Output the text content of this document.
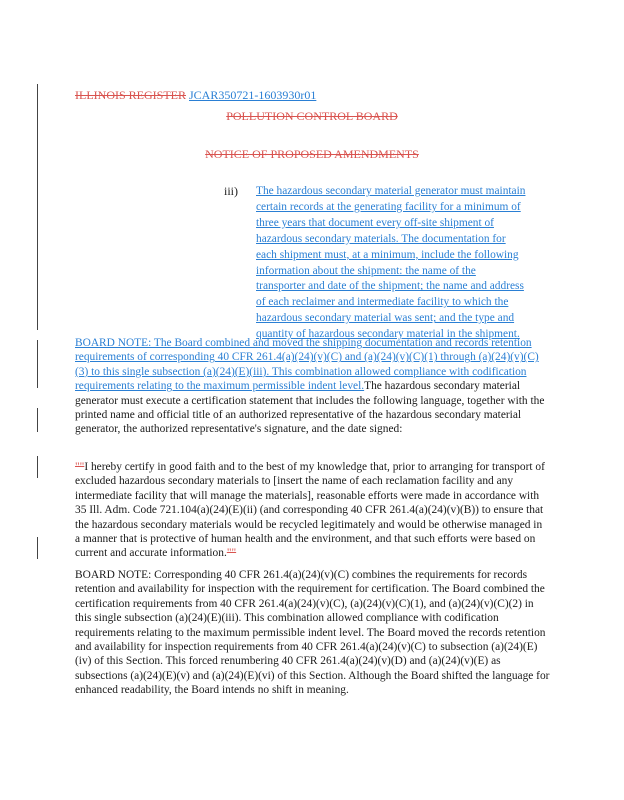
ILLINOIS REGISTER JCAR350721-1603930r01
POLLUTION CONTROL BOARD
NOTICE OF PROPOSED AMENDMENTS
iii) The hazardous secondary material generator must maintain
certain records at the generating facility for a minimum of
three years that document every off-site shipment of
hazardous secondary materials. The documentation for
each shipment must, at a minimum, include the following
information about the shipment: the name of the
transporter and date of the shipment; the name and address
of each reclaimer and intermediate facility to which the
hazardous secondary material was sent; and the type and
quantity of hazardous secondary material in the shipment.
BOARD NOTE: The Board combined and moved the shipping documentation and records retention requirements of corresponding 40 CFR 261.4(a)(24)(v)(C) and (a)(24)(v)(C)(1) through (a)(24)(v)(C)(3) to this single subsection (a)(24)(E)(iii). This combination allowed compliance with codification requirements relating to the maximum permissible indent level.The hazardous secondary material generator must execute a certification statement that includes the following language, together with the printed name and official title of an authorized representative of the hazardous secondary material generator, the authorized representative's signature, and the date signed:
""I hereby certify in good faith and to the best of my knowledge that, prior to arranging for transport of excluded hazardous secondary materials to [insert the name of each reclamation facility and any intermediate facility that will manage the materials], reasonable efforts were made in accordance with 35 Ill. Adm. Code 721.104(a)(24)(E)(ii) (and corresponding 40 CFR 261.4(a)(24)(v)(B)) to ensure that the hazardous secondary materials would be recycled legitimately and would be otherwise managed in a manner that is protective of human health and the environment, and that such efforts were based on current and accurate information.""
BOARD NOTE: Corresponding 40 CFR 261.4(a)(24)(v)(C) combines the requirements for records retention and availability for inspection with the requirement for certification. The Board combined the certification requirements from 40 CFR 261.4(a)(24)(v)(C), (a)(24)(v)(C)(1), and (a)(24)(v)(C)(2) in this single subsection (a)(24)(E)(iii). This combination allowed compliance with codification requirements relating to the maximum permissible indent level. The Board moved the records retention and availability for inspection requirements from 40 CFR 261.4(a)(24)(v)(C) to subsection (a)(24)(E)(iv) of this Section. This forced renumbering 40 CFR 261.4(a)(24)(v)(D) and (a)(24)(v)(E) as subsections (a)(24)(E)(v) and (a)(24)(E)(vi) of this Section. Although the Board shifted the language for enhanced readability, the Board intends no shift in meaning.
